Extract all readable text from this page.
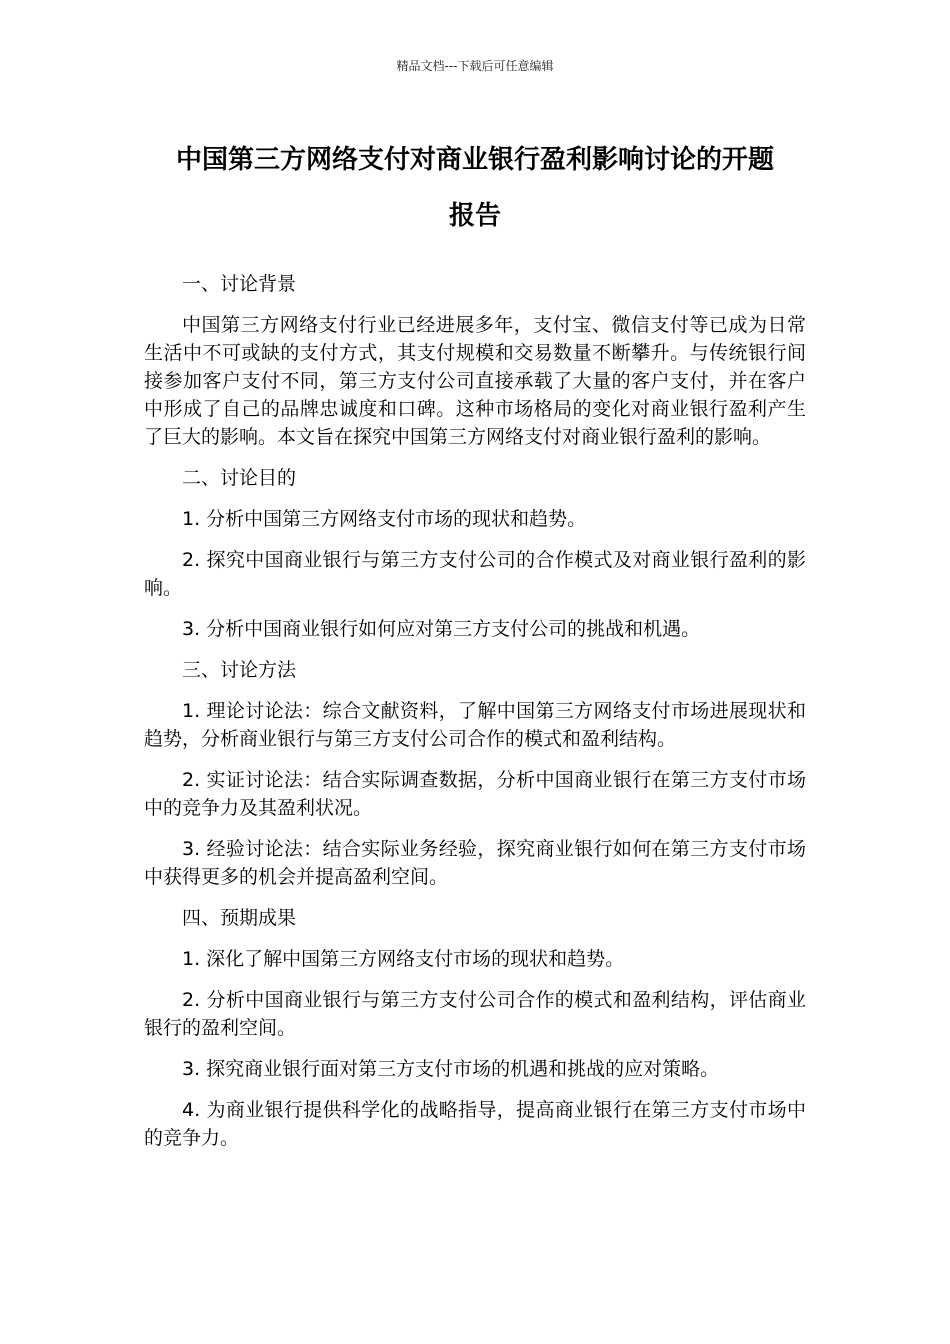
精品文档---下载后可任意编辑
中国第三方网络支付对商业银行盈利影响讨论的开题
报告

一、讨论背景

中国第三方网络支付行业已经进展多年，支付宝、微信支付等已成为日常生活中不可或缺的支付方式，其支付规模和交易数量不断攀升。与传统银行间接参加客户支付不同，第三方支付公司直接承载了大量的客户支付，并在客户中形成了自己的品牌忠诚度和口碑。这种市场格局的变化对商业银行盈利产生了巨大的影响。本文旨在探究中国第三方网络支付对商业银行盈利的影响。

二、讨论目的

1. 分析中国第三方网络支付市场的现状和趋势。

2. 探究中国商业银行与第三方支付公司的合作模式及对商业银行盈利的影响。

3. 分析中国商业银行如何应对第三方支付公司的挑战和机遇。

三、讨论方法

1. 理论讨论法：综合文献资料，了解中国第三方网络支付市场进展现状和趋势，分析商业银行与第三方支付公司合作的模式和盈利结构。

2. 实证讨论法：结合实际调查数据，分析中国商业银行在第三方支付市场中的竞争力及其盈利状况。

3. 经验讨论法：结合实际业务经验，探究商业银行如何在第三方支付市场中获得更多的机会并提高盈利空间。

四、预期成果

1. 深化了解中国第三方网络支付市场的现状和趋势。

2. 分析中国商业银行与第三方支付公司合作的模式和盈利结构，评估商业银行的盈利空间。

3. 探究商业银行面对第三方支付市场的机遇和挑战的应对策略。

4. 为商业银行提供科学化的战略指导，提高商业银行在第三方支付市场中的竞争力。
